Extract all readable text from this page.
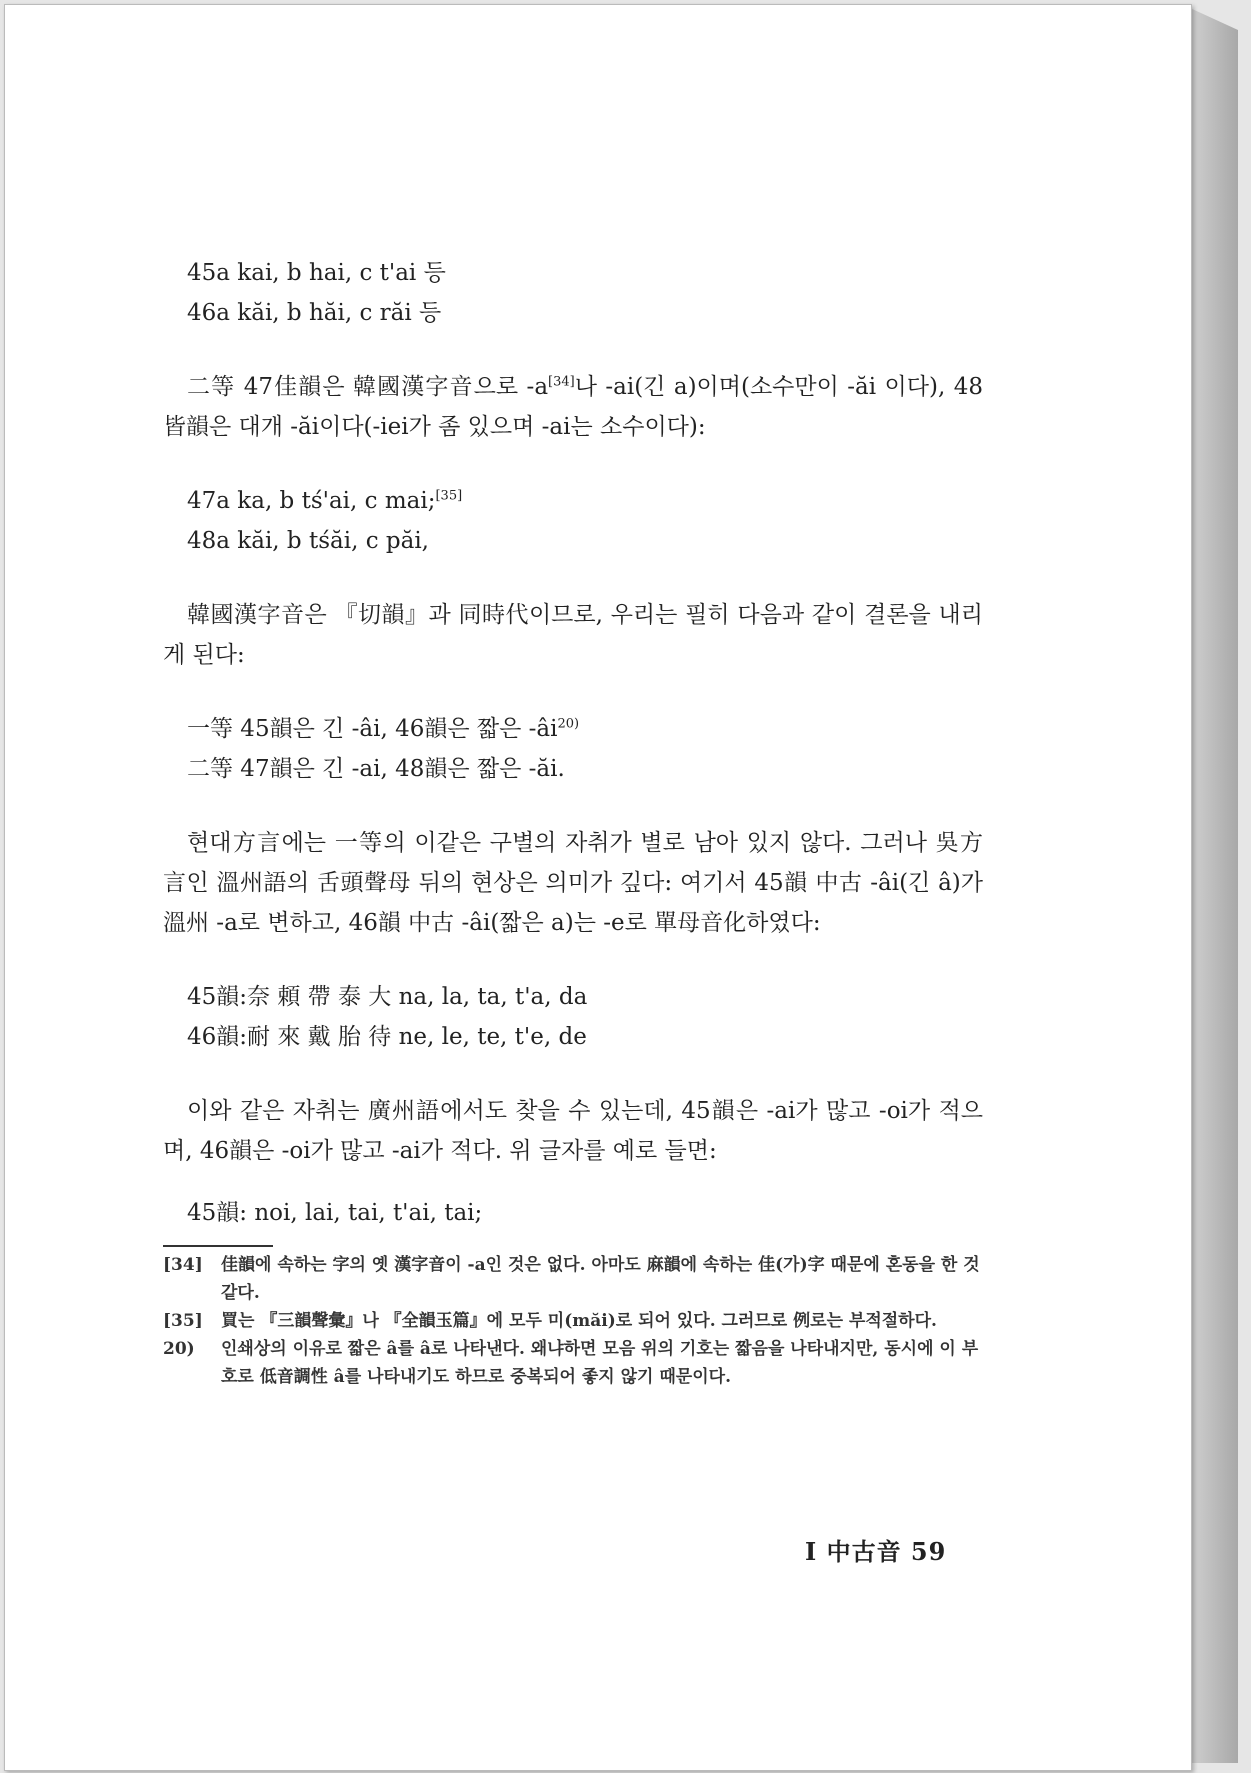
45a kai, b hai, c t'ai 등
46a kăi, b hăi, c răi 등
二等 47佳韻은 韓國漢字音으로 -a[34]나 -ai(긴 a)이며(소수만이 -ăi 이다), 48皆韻은 대개 -ăi이다(-iei가 좀 있으며 -ai는 소수이다):
47a ka, b tś'ai, c mai;[35]
48a kăi, b tśăi, c păi,
韓國漢字音은 『切韻』과 同時代이므로, 우리는 필히 다음과 같이 결론을 내리게 된다:
一等 45韻은 긴 -âi, 46韻은 짧은 $-âi^{20)}$
二等 47韻은 긴 -ai, 48韻은 짧은 -ăi.
현대方言에는 一等의 이같은 구별의 자취가 별로 남아 있지 않다. 그러나 吳方言인 溫州語의 舌頭聲母 뒤의 현상은 의미가 깊다: 여기서 45韻 中古 -âi(긴 â)가 溫州 -a로 변하고, 46韻 中古 -âi(짧은 a)는 -e로 單母音化하였다:
45韻:奈 頼 帶 泰 大 na, la, ta, t'a, da
46韻:耐 來 戴 胎 待 ne, le, te, t'e, de
이와 같은 자취는 廣州語에서도 찾을 수 있는데, 45韻은 -ai가 많고 -oi가 적으며, 46韻은 -oi가 많고 -ai가 적다. 위 글자를 예로 들면:
45韻: noi, lai, tai, t'ai, tai;
[34]	佳韻에 속하는 字의 옛 漢字音이 -a인 것은 없다. 아마도 麻韻에 속하는 佳(가)字 때문에 혼동을 한 것 같다.
[35]	買는 『三韻聲彙』나 『全韻玉篇』에 모두 미(măi)로 되어 있다. 그러므로 例로는 부적절하다.
20)	인쇄상의 이유로 짧은 â를 â로 나타낸다. 왜냐하면 모음 위의 기호는 짧음을 나타내지만, 동시에 이 부호로 低音調性 â를 나타내기도 하므로 중복되어 좋지 않기 때문이다.
I 中古音 59
